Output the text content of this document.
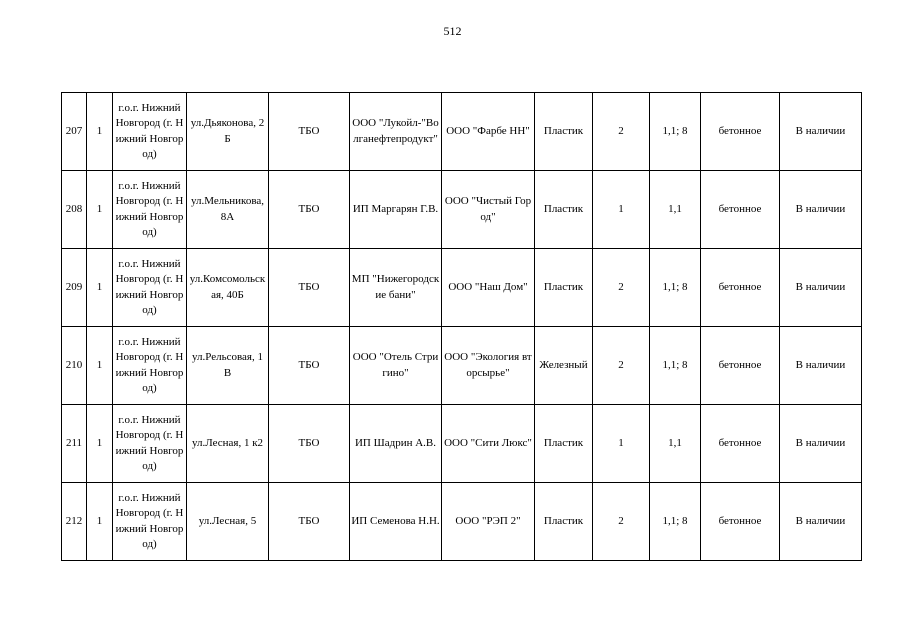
512
207	1	г.о.г. Нижний Новгород (г. Нижний Новгород)	ул.Дьяконова, 2Б	ТБО	ООО "Лукойл-"Волганефтепродукт"	ООО "Фарбе НН"	Пластик	2	1,1; 8	бетонное	В наличии
208	1	г.о.г. Нижний Новгород (г. Нижний Новгород)	ул.Мельникова, 8А	ТБО	ИП Маргарян Г.В.	ООО "Чистый Город"	Пластик	1	1,1	бетонное	В наличии
209	1	г.о.г. Нижний Новгород (г. Нижний Новгород)	ул.Комсомольская, 40Б	ТБО	МП "Нижегородские бани"	ООО "Наш Дом"	Пластик	2	1,1; 8	бетонное	В наличии
210	1	г.о.г. Нижний Новгород (г. Нижний Новгород)	ул.Рельсовая, 1 В	ТБО	ООО "Отель Стригино"	ООО "Экология вторсырье"	Железный	2	1,1; 8	бетонное	В наличии
211	1	г.о.г. Нижний Новгород (г. Нижний Новгород)	ул.Лесная, 1 к2	ТБО	ИП Шадрин А.В.	ООО "Сити Люкс"	Пластик	1	1,1	бетонное	В наличии
212	1	г.о.г. Нижний Новгород (г. Нижний Новгород)	ул.Лесная, 5	ТБО	ИП Семенова Н.Н.	ООО "РЭП 2"	Пластик	2	1,1; 8	бетонное	В наличии
